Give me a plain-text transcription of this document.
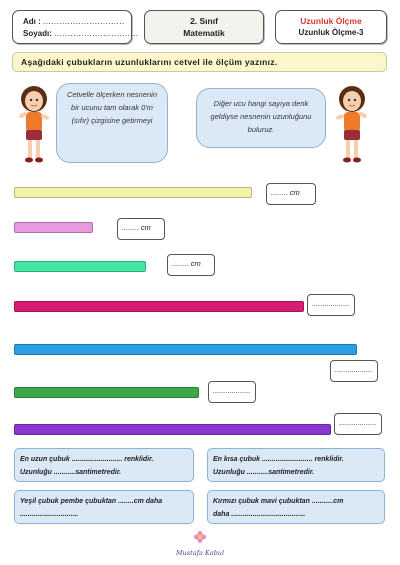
Adı : ..............................
Soyadı: ...............................
2. Sınıf
Matematik
Uzunluk Ölçme
Uzunluk Ölçme-3
Aşağıdaki çubukların uzunluklarını cetvel ile ölçüm yazınız.
Cetvelle ölçerken nesnenin bir ucunu tam olarak 0'ın (sıfır) çizgisine getirmeyi
Diğer ucu hangi sayıya denk geldiyse nesnenin uzunluğunu buluruz.
........ cm
........ cm
........ cm
..................
..................
..................
..................
En uzun çubuk .......................... renklidir.
Uzunluğu ...........santimetredir.
En kısa çubuk .......................... renklidir.
Uzunluğu ...........santimetredir.
Yeşil çubuk pembe çubuktan ........cm daha
..............................
Kırmızı çubuk mavi çubuktan ...........cm
daha ......................................
Mustafa Kabul
